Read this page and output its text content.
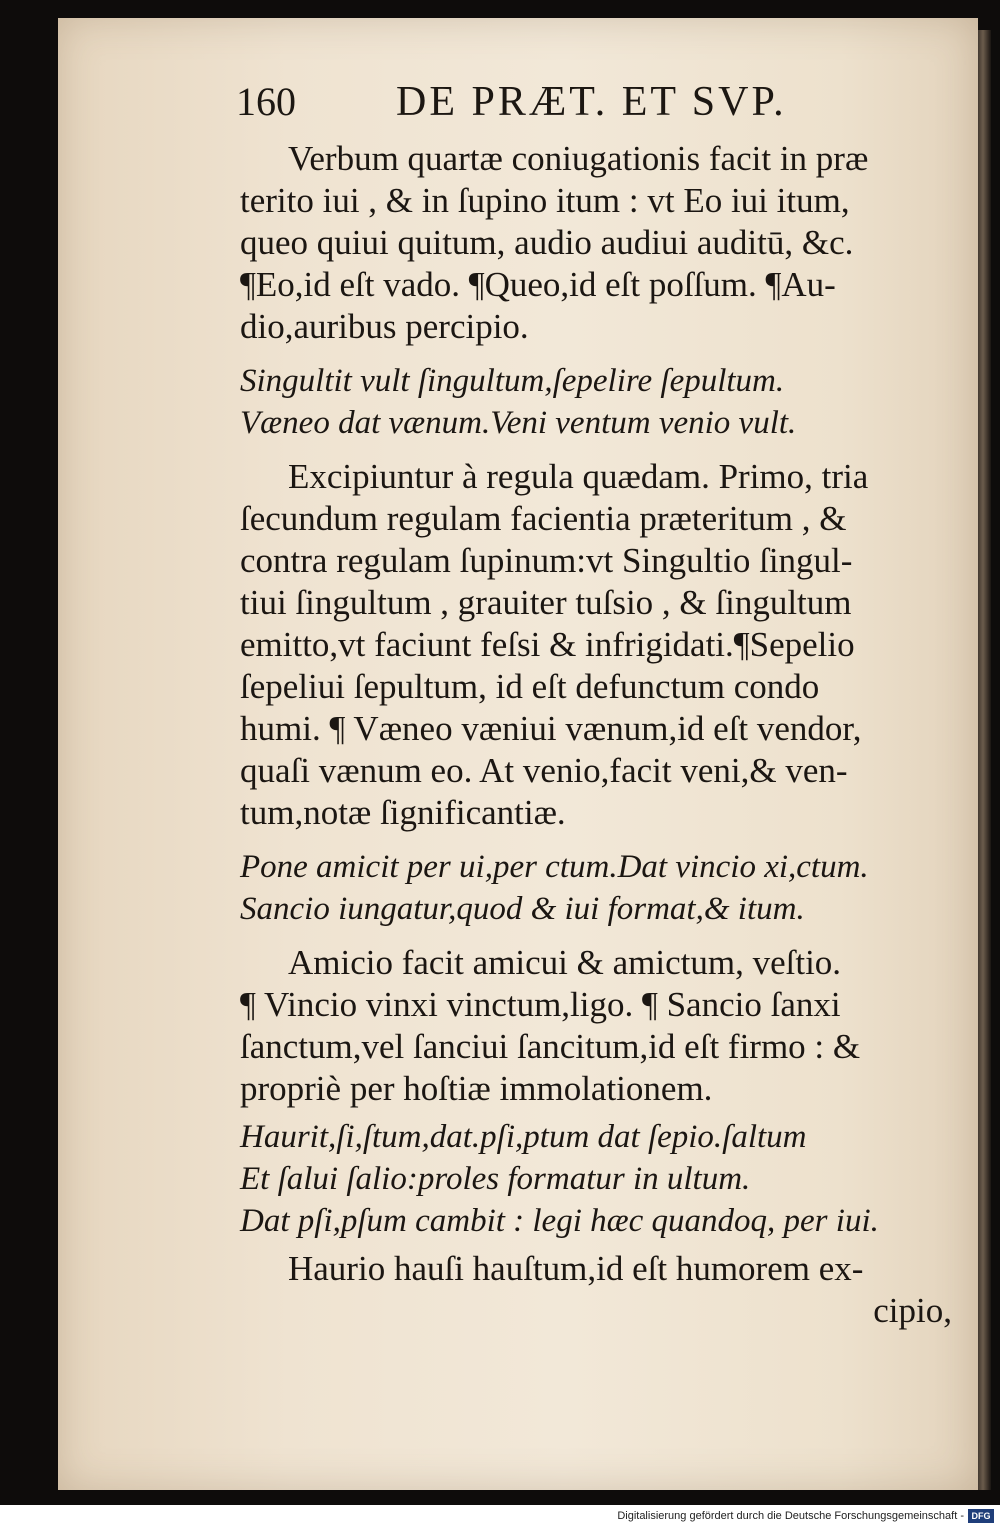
160 DE PRÆT. ET SVP.
Verbum quartæ coniugationis facit in præ
terito iui , & in ſupino itum : vt Eo iui itum,
queo quiui quitum, audio audiui auditū, &c.
¶Eo,id eſt vado. ¶Queo,id eſt poſſum. ¶Au-
dio,auribus percipio.
Singultit vult ſingultum,ſepelire ſepultum.
Væneo dat vænum.Veni ventum venio vult.
Excipiuntur à regula quædam. Primo, tria
ſecundum regulam facientia præteritum , &
contra regulam ſupinum:vt Singultio ſingul-
tiui ſingultum , grauiter tuſsio , & ſingultum
emitto,vt faciunt feſsi & infrigidati.¶Sepelio
ſepeliui ſepultum, id eſt defunctum condo
humi. ¶ Væneo væniui vænum,id eſt vendor,
quaſi vænum eo. At venio,facit veni,& ven-
tum,notæ ſignificantiæ.
Pone amicit per ui,per ctum.Dat vincio xi,ctum.
Sancio iungatur,quod & iui format,& itum.
Amicio facit amicui & amictum, veſtio.
¶ Vincio vinxi vinctum,ligo. ¶ Sancio ſanxi
ſanctum,vel ſanciui ſancitum,id eſt firmo : &
propriè per hoſtiæ immolationem.
Haurit,ſi,ſtum,dat.pſi,ptum dat ſepio.ſaltum
Et ſalui ſalio:proles formatur in ultum.
Dat pſi,pſum cambit : legi hæc quandoq, per iui.
Haurio hauſi hauſtum,id eſt humorem ex-
cipio,
Digitalisierung gefördert durch die Deutsche Forschungsgemeinschaft - DFG
